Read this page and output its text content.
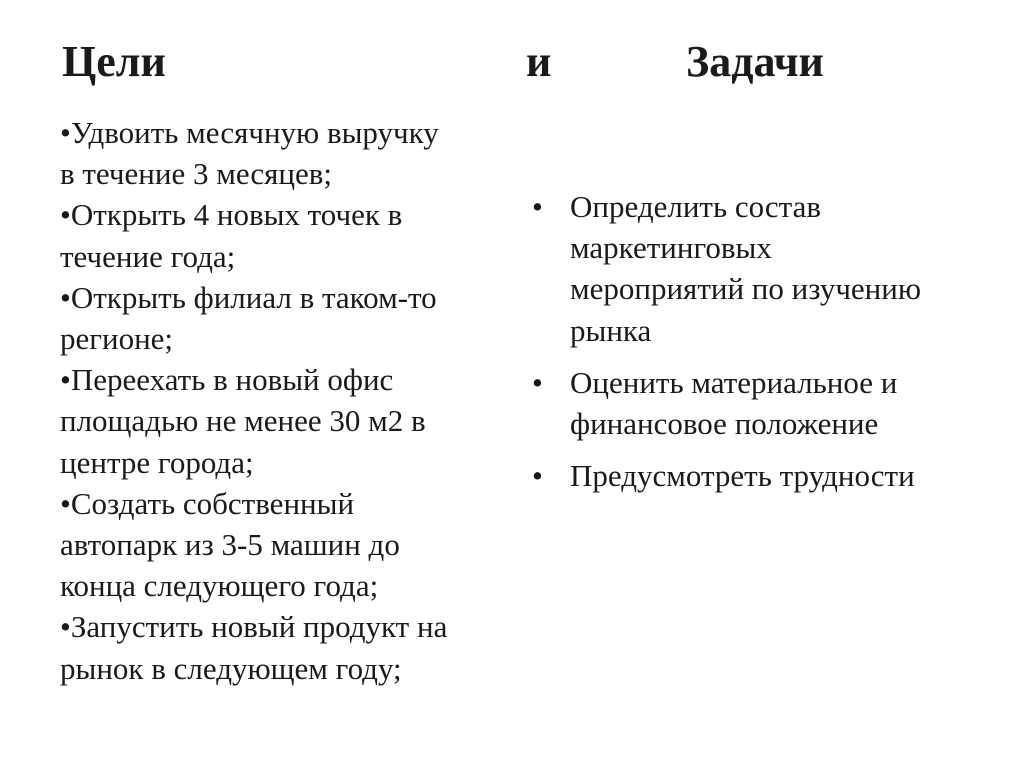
Цели	и	Задачи
•Удвоить месячную выручку
в течение 3 месяцев;
•Открыть 4 новых точек в
течение года;
•Открыть филиал в таком-то
регионе;
•Переехать в новый офис
площадью не менее 30 м2 в
центре города;
•Создать собственный
автопарк из 3-5 машин до
конца следующего года;
•Запустить новый продукт на
рынок в следующем году;
• Определить состав
маркетинговых
мероприятий по изучению
рынка
• Оценить материальное и
финансовое положение
• Предусмотреть трудности
